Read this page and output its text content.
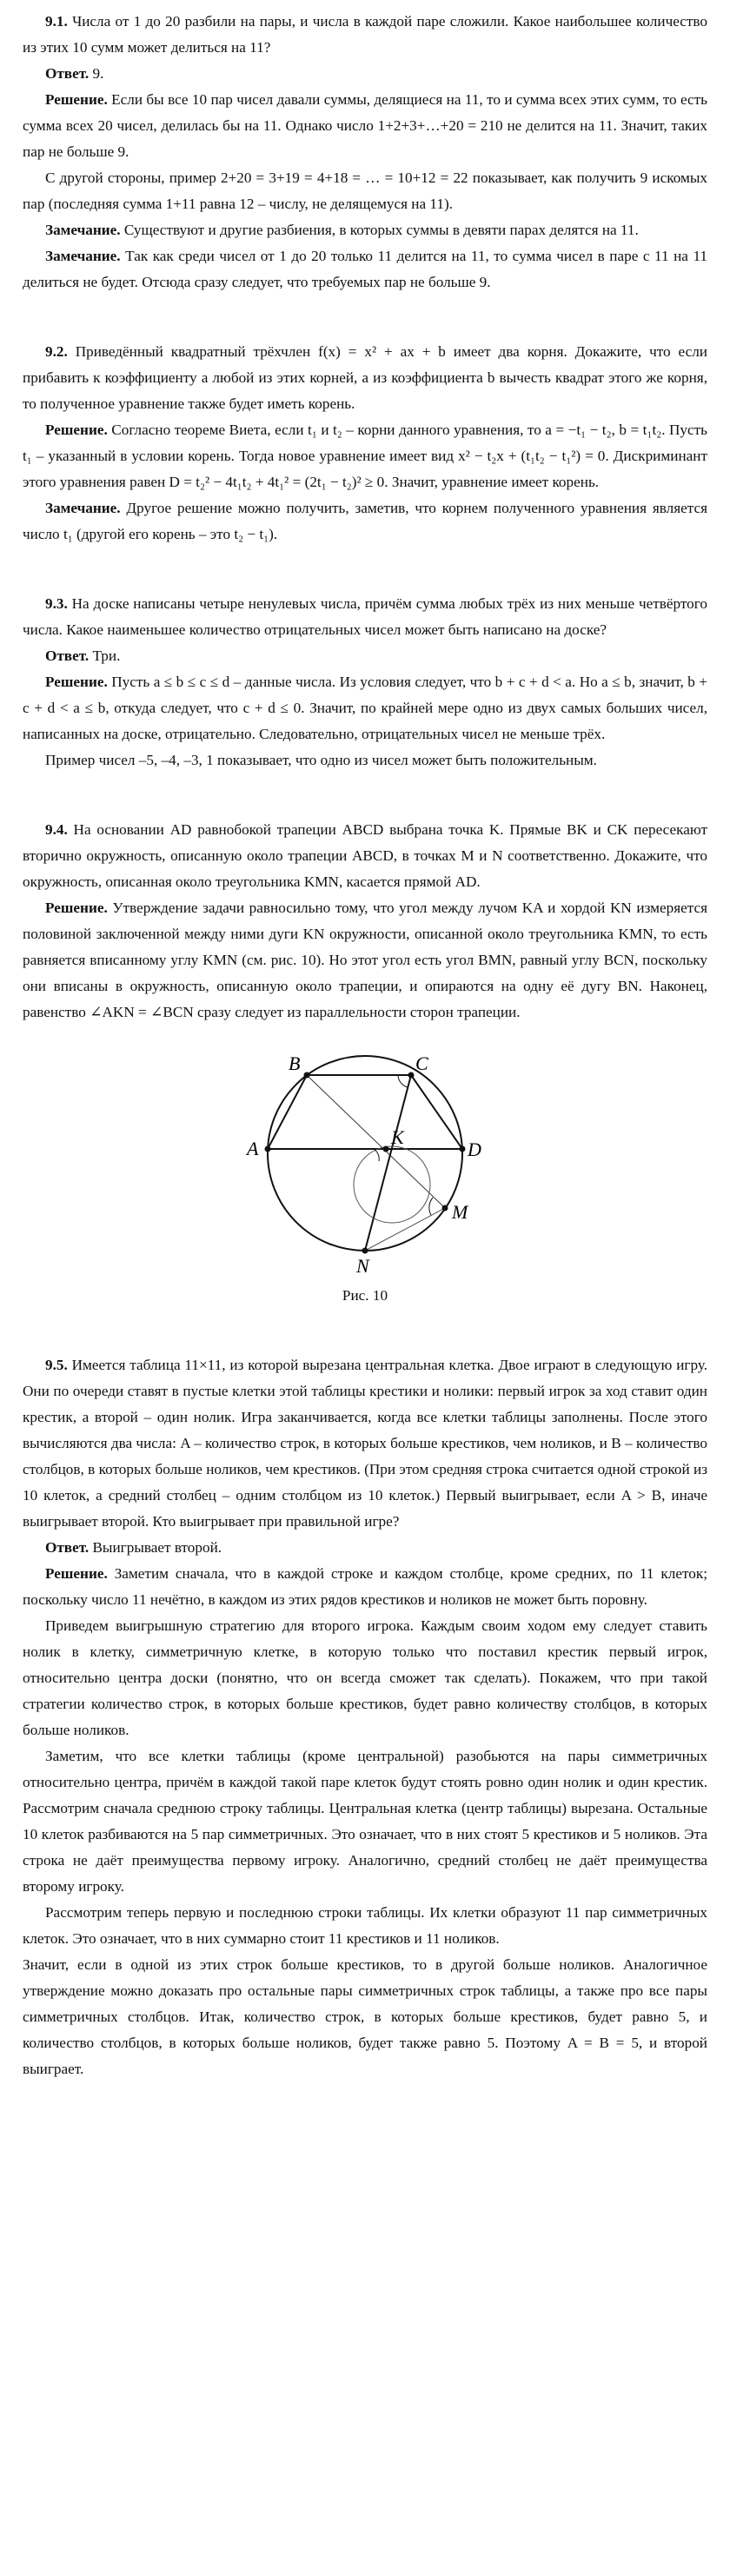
9.1. Числа от 1 до 20 разбили на пары, и числа в каждой паре сложили. Какое наибольшее количество из этих 10 сумм может делиться на 11?

Ответ. 9.

Решение. Если бы все 10 пар чисел давали суммы, делящиеся на 11, то и сумма всех этих сумм, то есть сумма всех 20 чисел, делилась бы на 11. Однако число 1+2+3+…+20 = 210 не делится на 11. Значит, таких пар не больше 9.

С другой стороны, пример 2+20 = 3+19 = 4+18 = … = 10+12 = 22 показывает, как получить 9 искомых пар (последняя сумма 1+11 равна 12 – числу, не делящемуся на 11).

Замечание. Существуют и другие разбиения, в которых суммы в девяти парах делятся на 11.

Замечание. Так как среди чисел от 1 до 20 только 11 делится на 11, то сумма чисел в паре с 11 на 11 делиться не будет. Отсюда сразу следует, что требуемых пар не больше 9.

9.2. Приведённый квадратный трёхчлен f(x) = x² + ax + b имеет два корня. Докажите, что если прибавить к коэффициенту a любой из этих корней, а из коэффициента b вычесть квадрат этого же корня, то полученное уравнение также будет иметь корень.

Решение. Согласно теореме Виета, если t₁ и t₂ – корни данного уравнения, то a = −t₁ − t₂, b = t₁t₂. Пусть t₁ – указанный в условии корень. Тогда новое уравнение имеет вид x² − t₂x + (t₁t₂ − t₁²) = 0. Дискриминант этого уравнения равен D = t₂² − 4t₁t₂ + 4t₁² = (2t₁ − t₂)² ≥ 0. Значит, уравнение имеет корень.

Замечание. Другое решение можно получить, заметив, что корнем полученного уравнения является число t₁ (другой его корень – это t₂ − t₁).

9.3. На доске написаны четыре ненулевых числа, причём сумма любых трёх из них меньше четвёртого числа. Какое наименьшее количество отрицательных чисел может быть написано на доске?

Ответ. Три.

Решение. Пусть a ≤ b ≤ c ≤ d – данные числа. Из условия следует, что b + c + d < a. Но a ≤ b, значит, b + c + d < a ≤ b, откуда следует, что c + d ≤ 0. Значит, по крайней мере одно из двух самых больших чисел, написанных на доске, отрицательно. Следовательно, отрицательных чисел не меньше трёх.

Пример чисел –5, –4, –3, 1 показывает, что одно из чисел может быть положительным.

9.4. На основании AD равнобокой трапеции ABCD выбрана точка K. Прямые BK и CK пересекают вторично окружность, описанную около трапеции ABCD, в точках M и N соответственно. Докажите, что окружность, описанная около треугольника KMN, касается прямой AD.

Решение. Утверждение задачи равносильно тому, что угол между лучом KA и хордой KN измеряется половиной заключенной между ними дуги KN окружности, описанной около треугольника KMN, то есть равняется вписанному углу KMN (см. рис. 10). Но этот угол есть угол BMN, равный углу BCN, поскольку они вписаны в окружность, описанную около трапеции, и опираются на одну её дугу BN. Наконец, равенство ∠AKN = ∠BCN сразу следует из параллельности сторон трапеции.

A
B	C
D
K
M
N
Рис. 10

9.5. Имеется таблица 11×11, из которой вырезана центральная клетка. Двое играют в следующую игру. Они по очереди ставят в пустые клетки этой таблицы крестики и нолики: первый игрок за ход ставит один крестик, а второй – один нолик. Игра заканчивается, когда все клетки таблицы заполнены. После этого вычисляются два числа: A – количество строк, в которых больше крестиков, чем ноликов, и B – количество столбцов, в которых больше ноликов, чем крестиков. (При этом средняя строка считается одной строкой из 10 клеток, а средний столбец – одним столбцом из 10 клеток.) Первый выигрывает, если A > B, иначе выигрывает второй. Кто выигрывает при правильной игре?

Ответ. Выигрывает второй.

Решение. Заметим сначала, что в каждой строке и каждом столбце, кроме средних, по 11 клеток; поскольку число 11 нечётно, в каждом из этих рядов крестиков и ноликов не может быть поровну.

Приведем выигрышную стратегию для второго игрока. Каждым своим ходом ему следует ставить нолик в клетку, симметричную клетке, в которую только что поставил крестик первый игрок, относительно центра доски (понятно, что он всегда сможет так сделать). Покажем, что при такой стратегии количество строк, в которых больше крестиков, будет равно количеству столбцов, в которых больше ноликов.

Заметим, что все клетки таблицы (кроме центральной) разобьются на пары симметричных относительно центра, причём в каждой такой паре клеток будут стоять ровно один нолик и один крестик. Рассмотрим сначала среднюю строку таблицы. Центральная клетка (центр таблицы) вырезана. Остальные 10 клеток разбиваются на 5 пар симметричных. Это означает, что в них стоят 5 крестиков и 5 ноликов. Эта строка не даёт преимущества первому игроку. Аналогично, средний столбец не даёт преимущества второму игроку.

Рассмотрим теперь первую и последнюю строки таблицы. Их клетки образуют 11 пар симметричных клеток. Это означает, что в них суммарно стоит 11 крестиков и 11 ноликов.

Значит, если в одной из этих строк больше крестиков, то в другой больше ноликов. Аналогичное утверждение можно доказать про остальные пары симметричных строк таблицы, а также про все пары симметричных столбцов. Итак, количество строк, в которых больше крестиков, будет равно 5, и количество столбцов, в которых больше ноликов, будет также равно 5. Поэтому A = B = 5, и второй выиграет.
